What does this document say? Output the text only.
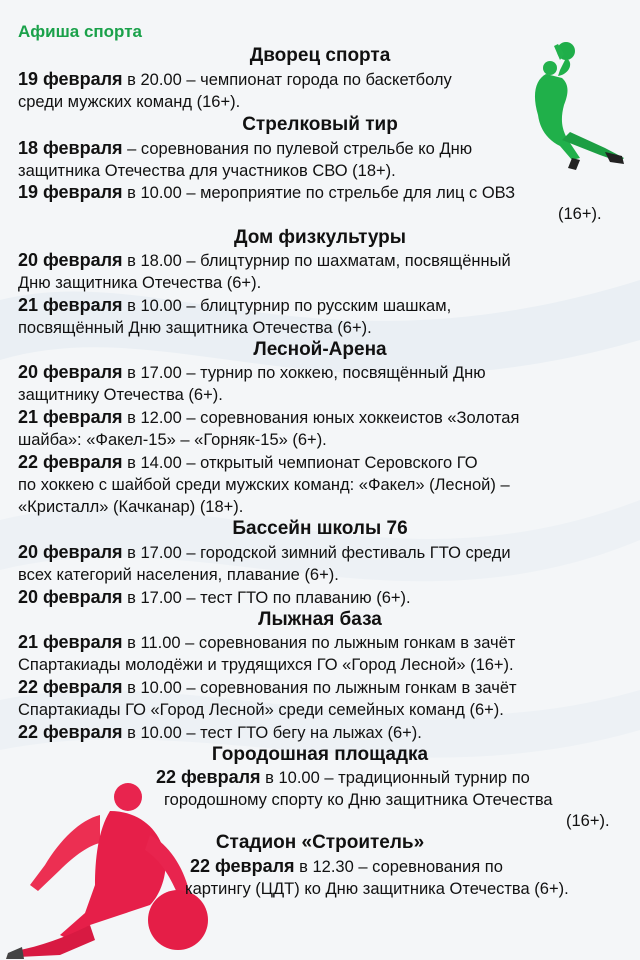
Афиша спорта
Дворец спорта
19 февраля в 20.00 – чемпионат города по баскетболу
среди мужских команд (16+).
Стрелковый тир
18 февраля – соревнования по пулевой стрельбе ко Дню
защитника Отечества для участников СВО (18+).
19 февраля в 10.00 – мероприятие по стрельбе для лиц с ОВЗ
(16+).
Дом физкультуры
20 февраля в 18.00 – блицтурнир по шахматам, посвящённый
Дню защитника Отечества (6+).
21 февраля в 10.00 – блицтурнир по русским шашкам,
посвящённый Дню защитника Отечества (6+).
Лесной-Арена
20 февраля в 17.00 – турнир по хоккею, посвящённый Дню
защитнику Отечества (6+).
21 февраля в 12.00 – соревнования юных хоккеистов «Золотая
шайба»: «Факел-15» – «Горняк-15» (6+).
22 февраля в 14.00 – открытый чемпионат Серовского ГО
по хоккею с шайбой среди мужских команд: «Факел» (Лесной) –
«Кристалл» (Качканар) (18+).
Бассейн школы 76
20 февраля в 17.00 – городской зимний фестиваль ГТО среди
всех категорий населения, плавание (6+).
20 февраля в 17.00 – тест ГТО по плаванию (6+).
Лыжная база
21 февраля в 11.00 – соревнования по лыжным гонкам в зачёт
Спартакиады молодёжи и трудящихся ГО «Город Лесной» (16+).
22 февраля в 10.00 – соревнования по лыжным гонкам в зачёт
Спартакиады ГО «Город Лесной» среди семейных команд (6+).
22 февраля в 10.00 – тест ГТО бегу на лыжах (6+).
Городошная площадка
22 февраля в 10.00 – традиционный турнир по
городошному спорту ко Дню защитника Отечества
(16+).
Стадион «Строитель»
22 февраля в 12.30 – соревнования по
картингу (ЦДТ) ко Дню защитника Отечества (6+).
